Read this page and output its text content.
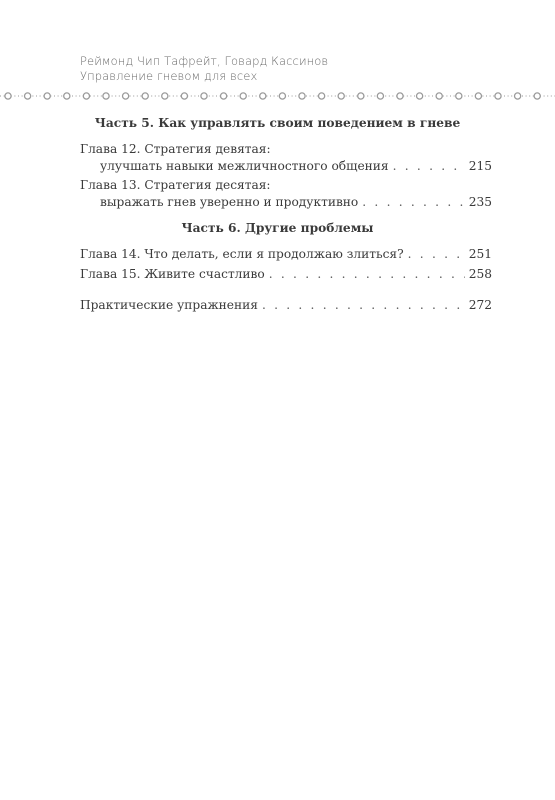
Реймонд Чип Тафрейт, Говард Кассинов
Управление гневом для всех
Часть 5. Как управлять своим поведением в гневе
Глава 12. Стратегия девятая:
улучшать навыки межличностного общения . . .	215
Глава 13. Стратегия десятая:
выражать гнев уверенно и продуктивно . . .	235
Часть 6. Другие проблемы
Глава 14. Что делать, если я продолжаю злиться? . . .	251
Глава 15. Живите счастливо . . .	258
Практические упражнения . . .	272
